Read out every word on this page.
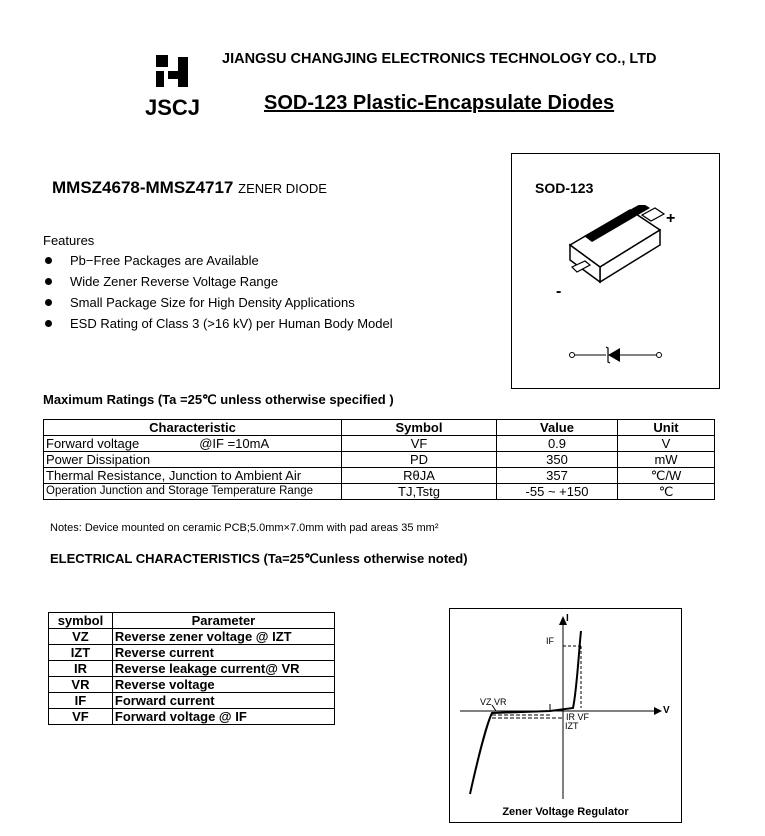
JSCJ
JIANGSU CHANGJING ELECTRONICS TECHNOLOGY CO., LTD
SOD-123 Plastic-Encapsulate Diodes
MMSZ4678-MMSZ4717 ZENER DIODE
Features
Pb−Free Packages are Available
Wide Zener Reverse Voltage Range
Small Package Size for High Density Applications
ESD Rating of Class 3 (>16 kV) per Human Body Model
SOD-123
+
-
Maximum Ratings (Ta =25℃ unless otherwise specified )
Characteristic	Symbol	Value	Unit
Forward voltage @IF =10mA	VF	0.9	V
Power Dissipation	PD	350	mW
Thermal Resistance, Junction to Ambient Air	RθJA	357	℃/W
Operation Junction and Storage Temperature Range	TJ,Tstg	-55 ~ +150	℃
Notes: Device mounted on ceramic PCB;5.0mm×7.0mm with pad areas 35 mm²
ELECTRICAL CHARACTERISTICS (Ta=25℃unless otherwise noted)
symbol	Parameter
VZ	Reverse zener voltage @ IZT
IZT	Reverse current
IR	Reverse leakage current@ VR
VR	Reverse voltage
IF	Forward current
VF	Forward voltage @ IF
I
V
IF
VZ VR
IR VF
IZT
Zener Voltage Regulator
